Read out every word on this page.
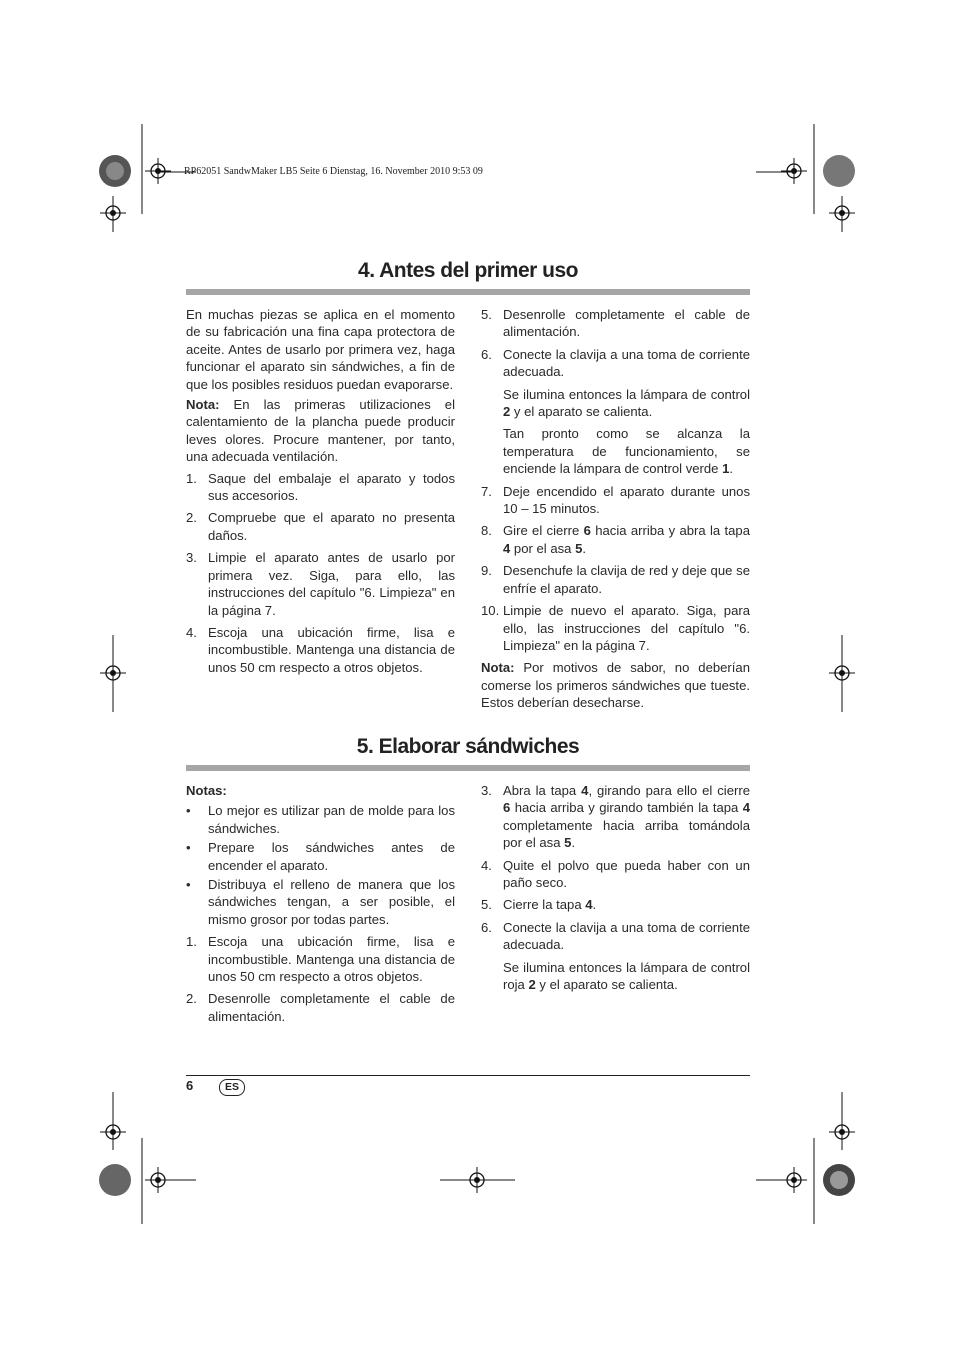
RP62051 SandwMaker LB5 Seite 6 Dienstag, 16. November 2010 9:53 09
4. Antes del primer uso

En muchas piezas se aplica en el momento de su fabricación una fina capa protectora de aceite. Antes de usarlo por primera vez, haga funcionar el aparato sin sándwiches, a fin de que los posibles residuos puedan evaporarse.

Nota: En las primeras utilizaciones el calentamiento de la plancha puede producir leves olores. Procure mantener, por tanto, una adecuada ventilación.

1. Saque del embalaje el aparato y todos sus accesorios.
2. Compruebe que el aparato no presenta daños.
3. Limpie el aparato antes de usarlo por primera vez. Siga, para ello, las instrucciones del capítulo "6. Limpieza" en la página 7.
4. Escoja una ubicación firme, lisa e incombustible. Mantenga una distancia de unos 50 cm respecto a otros objetos.
5. Desenrolle completamente el cable de alimentación.
6. Conecte la clavija a una toma de corriente adecuada.
Se ilumina entonces la lámpara de control 2 y el aparato se calienta.
Tan pronto como se alcanza la temperatura de funcionamiento, se enciende la lámpara de control verde 1.
7. Deje encendido el aparato durante unos 10 – 15 minutos.
8. Gire el cierre 6 hacia arriba y abra la tapa 4 por el asa 5.
9. Desenchufe la clavija de red y deje que se enfríe el aparato.
10. Limpie de nuevo el aparato. Siga, para ello, las instrucciones del capítulo "6. Limpieza" en la página 7.

Nota: Por motivos de sabor, no deberían comerse los primeros sándwiches que tueste. Estos deberían desecharse.

5. Elaborar sándwiches

Notas:

•	Lo mejor es utilizar pan de molde para los sándwiches.
•	Prepare los sándwiches antes de encender el aparato.
•	Distribuya el relleno de manera que los sándwiches tengan, a ser posible, el mismo grosor por todas partes.
1. Escoja una ubicación firme, lisa e incombustible. Mantenga una distancia de unos 50 cm respecto a otros objetos.
2. Desenrolle completamente el cable de alimentación.
3. Abra la tapa 4, girando para ello el cierre 6 hacia arriba y girando también la tapa 4 completamente hacia arriba tomándola por el asa 5.
4. Quite el polvo que pueda haber con un paño seco.
5. Cierre la tapa 4.
6. Conecte la clavija a una toma de corriente adecuada.
Se ilumina entonces la lámpara de control roja 2 y el aparato se calienta.
6	ES
